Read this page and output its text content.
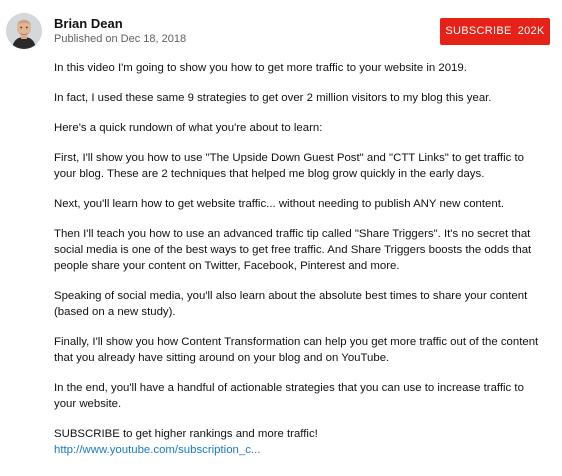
Brian Dean
Published on Dec 18, 2018
SUBSCRIBE 202K

In this video I'm going to show you how to get more traffic to your website in 2019.

In fact, I used these same 9 strategies to get over 2 million visitors to my blog this year.

Here's a quick rundown of what you're about to learn:

First, I'll show you how to use "The Upside Down Guest Post" and "CTT Links" to get traffic to your blog. These are 2 techniques that helped me blog grow quickly in the early days.

Next, you'll learn how to get website traffic... without needing to publish ANY new content.

Then I'll teach you how to use an advanced traffic tip called "Share Triggers". It's no secret that social media is one of the best ways to get free traffic. And Share Triggers boosts the odds that people share your content on Twitter, Facebook, Pinterest and more.

Speaking of social media, you'll also learn about the absolute best times to share your content (based on a new study).

Finally, I'll show you how Content Transformation can help you get more traffic out of the content that you already have sitting around on your blog and on YouTube.

In the end, you'll have a handful of actionable strategies that you can use to increase traffic to your website.

SUBSCRIBE to get higher rankings and more traffic!

http://www.youtube.com/subscription_c...
